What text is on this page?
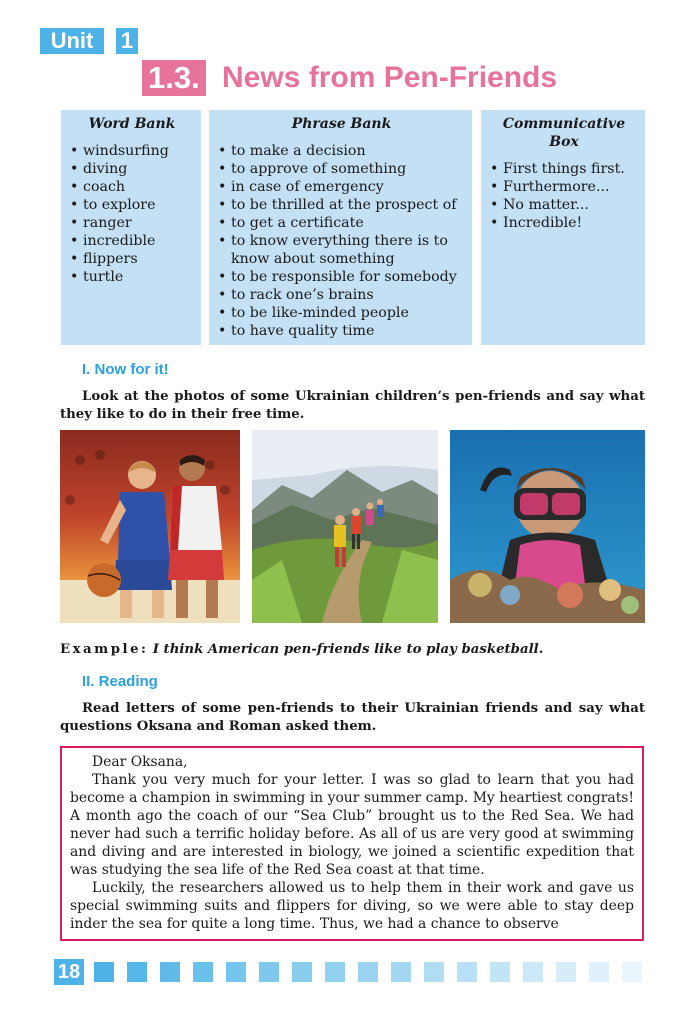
Unit	1
1.3. News from Pen-Friends
Word Bank
• windsurfing
• diving
• coach
• to explore
• ranger
• incredible
• flippers
• turtle
Phrase Bank
• to make a decision
• to approve of something
• in case of emergency
• to be thrilled at the prospect of
• to get a certificate
• to know everything there is to know about something
• to be responsible for somebody
• to rack one’s brains
• to be like-minded people
• to have quality time
Communicative Box
• First things first.
• Furthermore...
• No matter...
• Incredible!
I. Now for it!
Look at the photos of some Ukrainian children’s pen-friends and say what they like to do in their free time.
Example: I think American pen-friends like to play basketball.
II. Reading
Read letters of some pen-friends to their Ukrainian friends and say what questions Oksana and Roman asked them.

Dear Oksana,

Thank you very much for your letter. I was so glad to learn that you had become a champion in swimming in your summer camp. My heartiest congrats! A month ago the coach of our “Sea Club” brought us to the Red Sea. We had never had such a terrific holiday before. As all of us are very good at swimming and diving and are interested in biology, we joined a scientific expedition that was studying the sea life of the Red Sea coast at that time.

Luckily, the researchers allowed us to help them in their work and gave us special swimming suits and flippers for diving, so we were able to stay deep inder the sea for quite a long time. Thus, we had a chance to observe

18
